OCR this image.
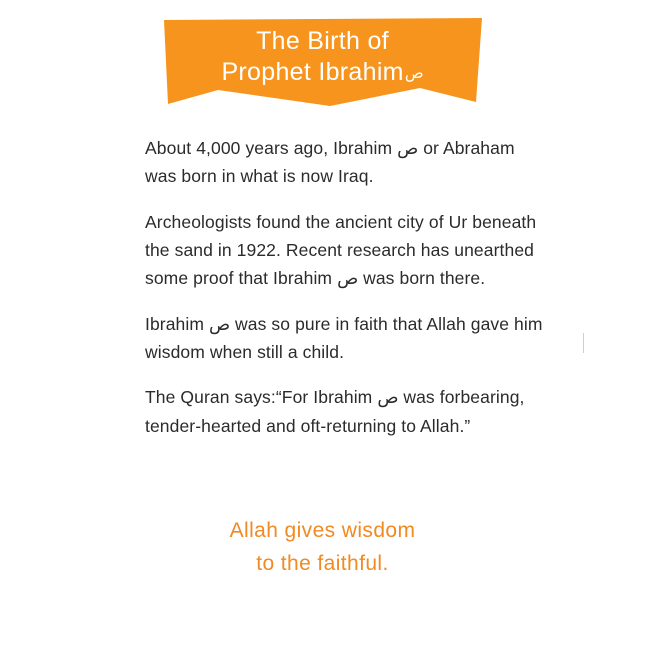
The Birth of
Prophet Ibrahimص

About 4,000 years ago, Ibrahim ص or Abraham was born in what is now Iraq.

Archeologists found the ancient city of Ur beneath the sand in 1922. Recent research has unearthed some proof that Ibrahim ص was born there.

Ibrahim ص was so pure in faith that Allah gave him wisdom when still a child.

The Quran says:“For Ibrahim ص was forbearing, tender-hearted and oft-returning to Allah.”

Allah gives wisdom
to the faithful.
